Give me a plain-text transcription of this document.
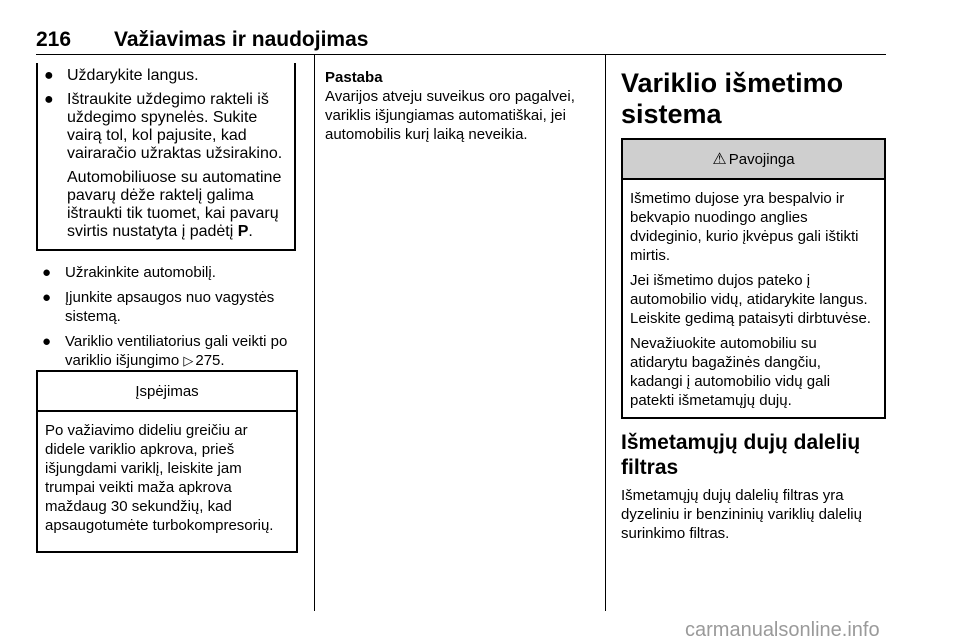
216 Važiavimas ir naudojimas
● Uždarykite langus.
● Ištraukite uždegimo rakteli iš uždegimo spynelės. Sukite vairą tol, kol pajusite, kad vairaračio užraktas užsirakino.

Automobiliuose su automatine pavarų dėže raktelį galima ištraukti tik tuomet, kai pavarų svirtis nustatyta į padėtį P.

● Užrakinkite automobilį.
● Įjunkite apsaugos nuo vagystės sistemą.
● Variklio ventiliatorius gali veikti po variklio išjungimo ▷ 275.
Įspėjimas

Po važiavimo dideliu greičiu ar didele variklio apkrova, prieš išjungdami variklį, leiskite jam trumpai veikti maža apkrova maždaug 30 sekundžių, kad apsaugotumėte turbokompresorių.

Pastaba
Avarijos atveju suveikus oro pagalvei, variklis išjungiamas automatiškai, jei automobilis kurį laiką neveikia.
Variklio išmetimo sistema
⚠ Pavojinga

Išmetimo dujose yra bespalvio ir bekvapio nuodingo anglies dvideginio, kurio įkvėpus gali ištikti mirtis.

Jei išmetimo dujos pateko į automobilio vidų, atidarykite langus. Leiskite gedimą pataisyti dirbtuvėse.

Nevažiuokite automobiliu su atidarytu bagažinės dangčiu, kadangi į automobilio vidų gali patekti išmetamųjų dujų.

Išmetamųjų dujų dalelių filtras
Išmetamųjų dujų dalelių filtras yra dyzeliniu ir benzininių variklių dalelių surinkimo filtras.
carmanualsonline.info
